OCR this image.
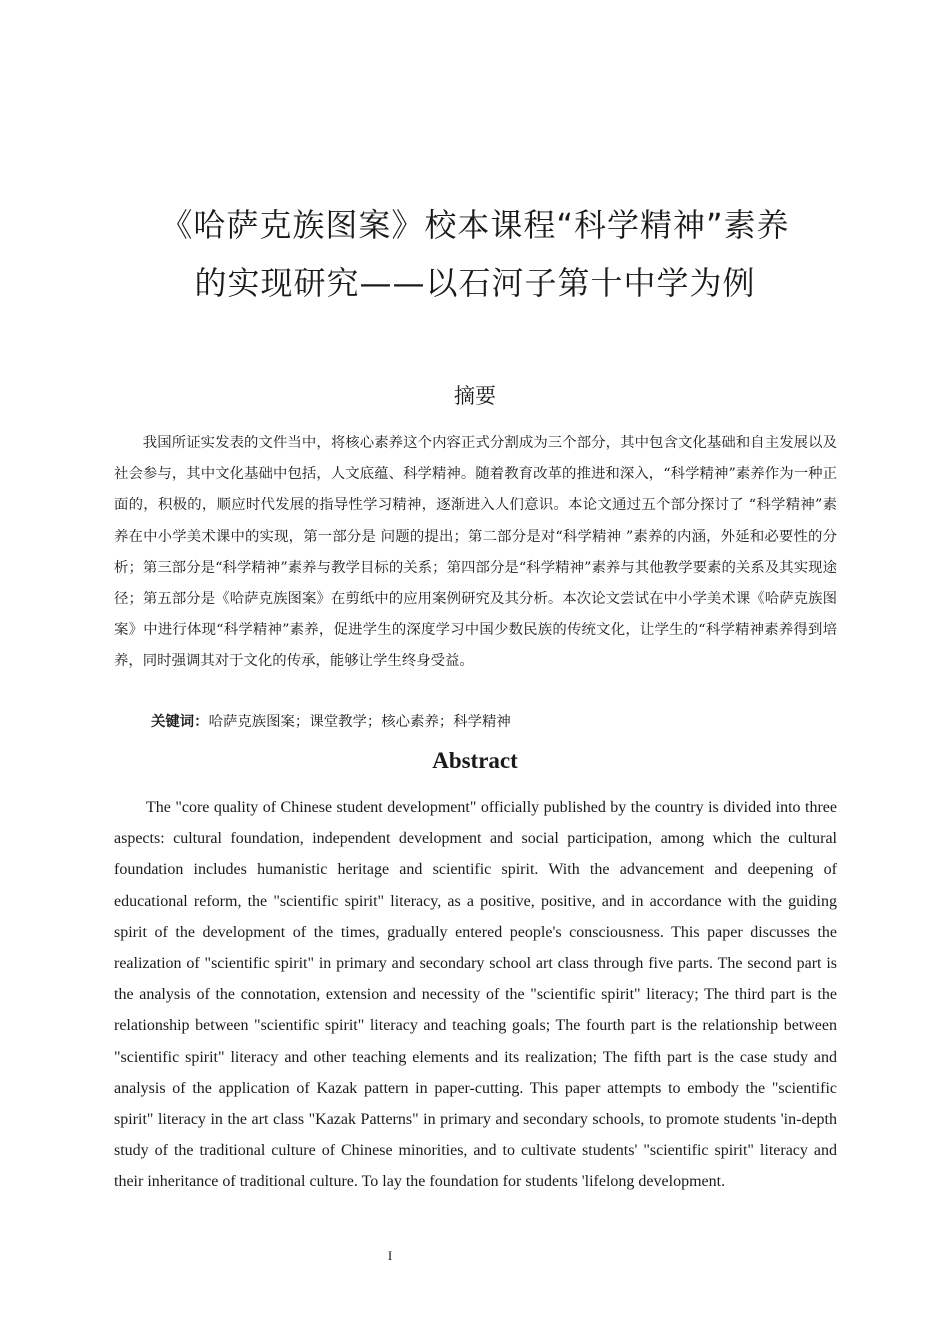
《哈萨克族图案》校本课程“科学精神”素养
的实现研究——以石河子第十中学为例
摘要

我国所证实发表的文件当中，将核心素养这个内容正式分割成为三个部分，其中包含文化基础和自主发展以及社会参与，其中文化基础中包括，人文底蕴、科学精神。随着教育改革的推进和深入，“科学精神”素养作为一种正面的，积极的，顺应时代发展的指导性学习精神，逐渐进入人们意识。本论文通过五个部分探讨了 “科学精神”素养在中小学美术课中的实现，第一部分是 问题的提出；第二部分是对“科学精神 ”素养的内涵，外延和必要性的分析；第三部分是“科学精神”素养与教学目标的关系；第四部分是“科学精神”素养与其他教学要素的关系及其实现途径；第五部分是《哈萨克族图案》在剪纸中的应用案例研究及其分析。本次论文尝试在中小学美术课《哈萨克族图案》中进行体现“科学精神”素养，促进学生的深度学习中国少数民族的传统文化，让学生的“科学精神素养得到培养，同时强调其对于文化的传承，能够让学生终身受益。

关键词：哈萨克族图案；课堂教学；核心素养；科学精神

Abstract

The "core quality of Chinese student development" officially published by the country is divided into three aspects: cultural foundation, independent development and social participation, among which the cultural foundation includes humanistic heritage and scientific spirit. With the advancement and deepening of educational reform, the "scientific spirit" literacy, as a positive, positive, and in accordance with the guiding spirit of the development of the times, gradually entered people's consciousness. This paper discusses the realization of "scientific spirit" in primary and secondary school art class through five parts. The second part is the analysis of the connotation, extension and necessity of the "scientific spirit" literacy; The third part is the relationship between "scientific spirit" literacy and teaching goals; The fourth part is the relationship between "scientific spirit" literacy and other teaching elements and its realization; The fifth part is the case study and analysis of the application of Kazak pattern in paper-cutting. This paper attempts to embody the "scientific spirit" literacy in the art class "Kazak Patterns" in primary and secondary schools, to promote students 'in-depth study of the traditional culture of Chinese minorities, and to cultivate students' "scientific spirit" literacy and their inheritance of traditional culture. To lay the foundation for students 'lifelong development.

I
